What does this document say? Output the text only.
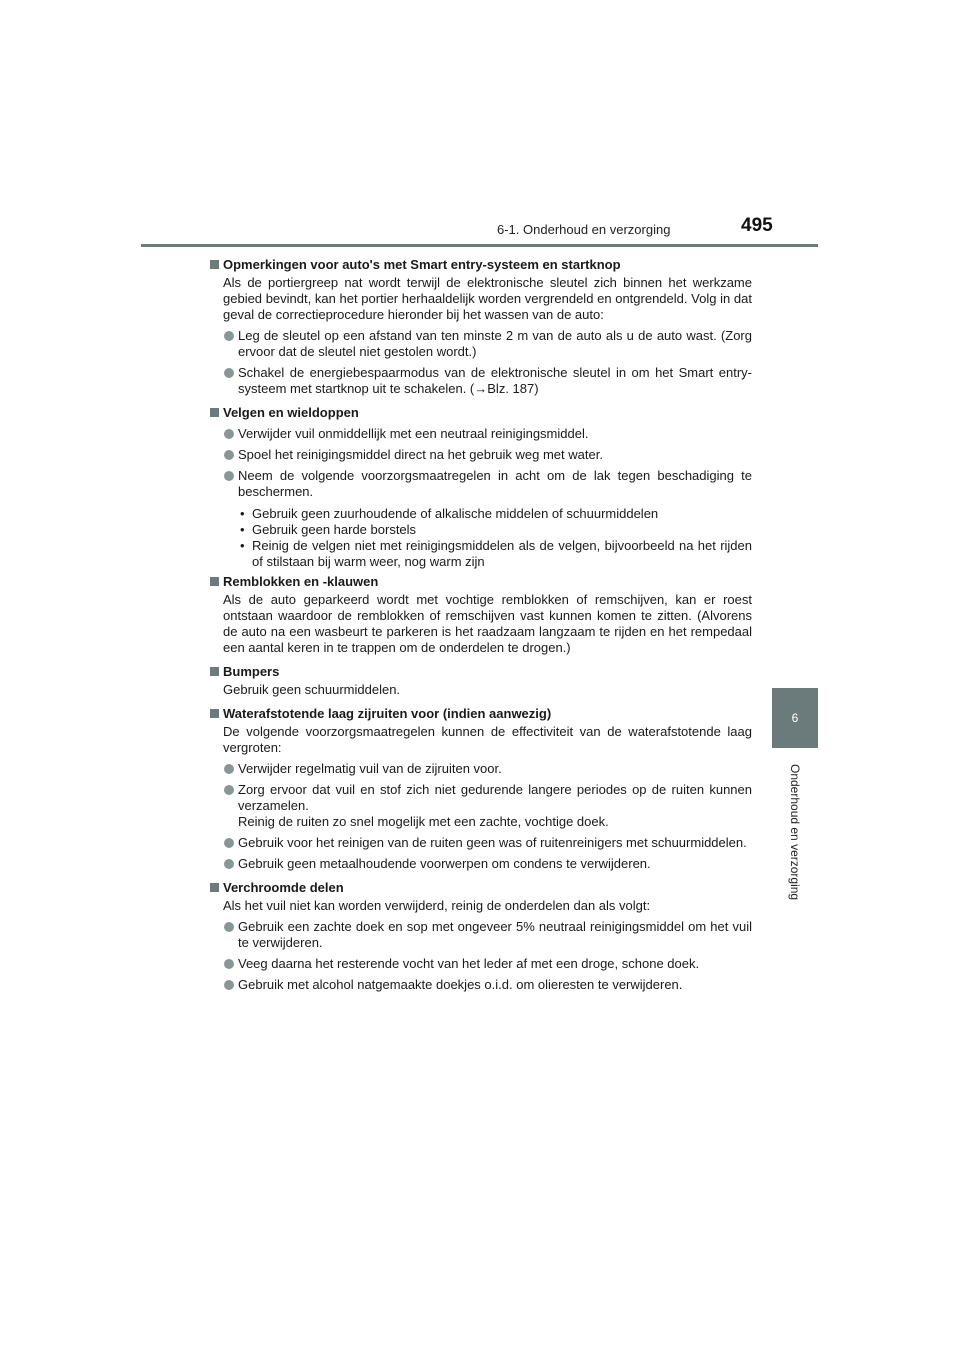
6-1. Onderhoud en verzorging	495
6
Onderhoud en verzorging
Opmerkingen voor auto's met Smart entry-systeem en startknop
Als de portiergreep nat wordt terwijl de elektronische sleutel zich binnen het werkzame gebied bevindt, kan het portier herhaaldelijk worden vergrendeld en ontgrendeld. Volg in dat geval de correctieprocedure hieronder bij het wassen van de auto:
Leg de sleutel op een afstand van ten minste 2 m van de auto als u de auto wast. (Zorg ervoor dat de sleutel niet gestolen wordt.)
Schakel de energiebespaarmodus van de elektronische sleutel in om het Smart entry-systeem met startknop uit te schakelen. (→Blz. 187)
Velgen en wieldoppen
Verwijder vuil onmiddellijk met een neutraal reinigingsmiddel.
Spoel het reinigingsmiddel direct na het gebruik weg met water.
Neem de volgende voorzorgsmaatregelen in acht om de lak tegen beschadiging te beschermen.
• Gebruik geen zuurhoudende of alkalische middelen of schuurmiddelen
• Gebruik geen harde borstels
• Reinig de velgen niet met reinigingsmiddelen als de velgen, bijvoorbeeld na het rijden of stilstaan bij warm weer, nog warm zijn
Remblokken en -klauwen
Als de auto geparkeerd wordt met vochtige remblokken of remschijven, kan er roest ontstaan waardoor de remblokken of remschijven vast kunnen komen te zitten. (Alvorens de auto na een wasbeurt te parkeren is het raadzaam langzaam te rijden en het rempedaal een aantal keren in te trappen om de onderdelen te drogen.)
Bumpers
Gebruik geen schuurmiddelen.
Waterafstotende laag zijruiten voor (indien aanwezig)
De volgende voorzorgsmaatregelen kunnen de effectiviteit van de waterafstotende laag vergroten:
Verwijder regelmatig vuil van de zijruiten voor.
Zorg ervoor dat vuil en stof zich niet gedurende langere periodes op de ruiten kunnen verzamelen.
Reinig de ruiten zo snel mogelijk met een zachte, vochtige doek.
Gebruik voor het reinigen van de ruiten geen was of ruitenreinigers met schuurmiddelen.
Gebruik geen metaalhoudende voorwerpen om condens te verwijderen.
Verchroomde delen
Als het vuil niet kan worden verwijderd, reinig de onderdelen dan als volgt:
Gebruik een zachte doek en sop met ongeveer 5% neutraal reinigingsmiddel om het vuil te verwijderen.
Veeg daarna het resterende vocht van het leder af met een droge, schone doek.
Gebruik met alcohol natgemaakte doekjes o.i.d. om olieresten te verwijderen.
